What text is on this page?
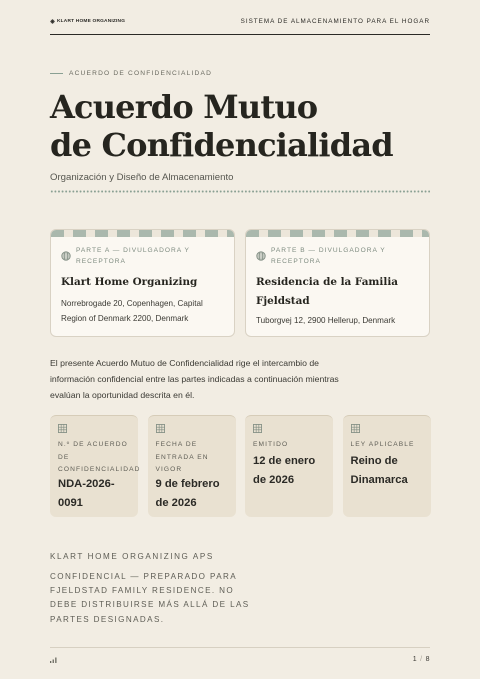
KLART HOME ORGANIZING	SISTEMA DE ALMACENAMIENTO PARA EL HOGAR
ACUERDO DE CONFIDENCIALIDAD
Acuerdo Mutuo
de Confidencialidad
Organización y Diseño de Almacenamiento
PARTE A — DIVULGADORA Y RECEPTORA
Klart Home Organizing
Norrebrogade 20, Copenhagen, Capital Region of Denmark 2200, Denmark
PARTE B — DIVULGADORA Y RECEPTORA
Residencia de la Familia Fjeldstad
Tuborgvej 12, 2900 Hellerup, Denmark

El presente Acuerdo Mutuo de Confidencialidad rige el intercambio de información confidencial entre las partes indicadas a continuación mientras evalúan la oportunidad descrita en él.

N.º DE ACUERDO DE CONFIDENCIALIDAD
NDA-2026-0091
FECHA DE ENTRADA EN VIGOR
9 de febrero de 2026
EMITIDO
12 de enero de 2026
LEY APLICABLE
Reino de Dinamarca
KLART HOME ORGANIZING APS
CONFIDENCIAL — PREPARADO PARA FJELDSTAD FAMILY RESIDENCE. NO DEBE DISTRIBUIRSE MÁS ALLÁ DE LAS PARTES DESIGNADAS.
1 / 8
